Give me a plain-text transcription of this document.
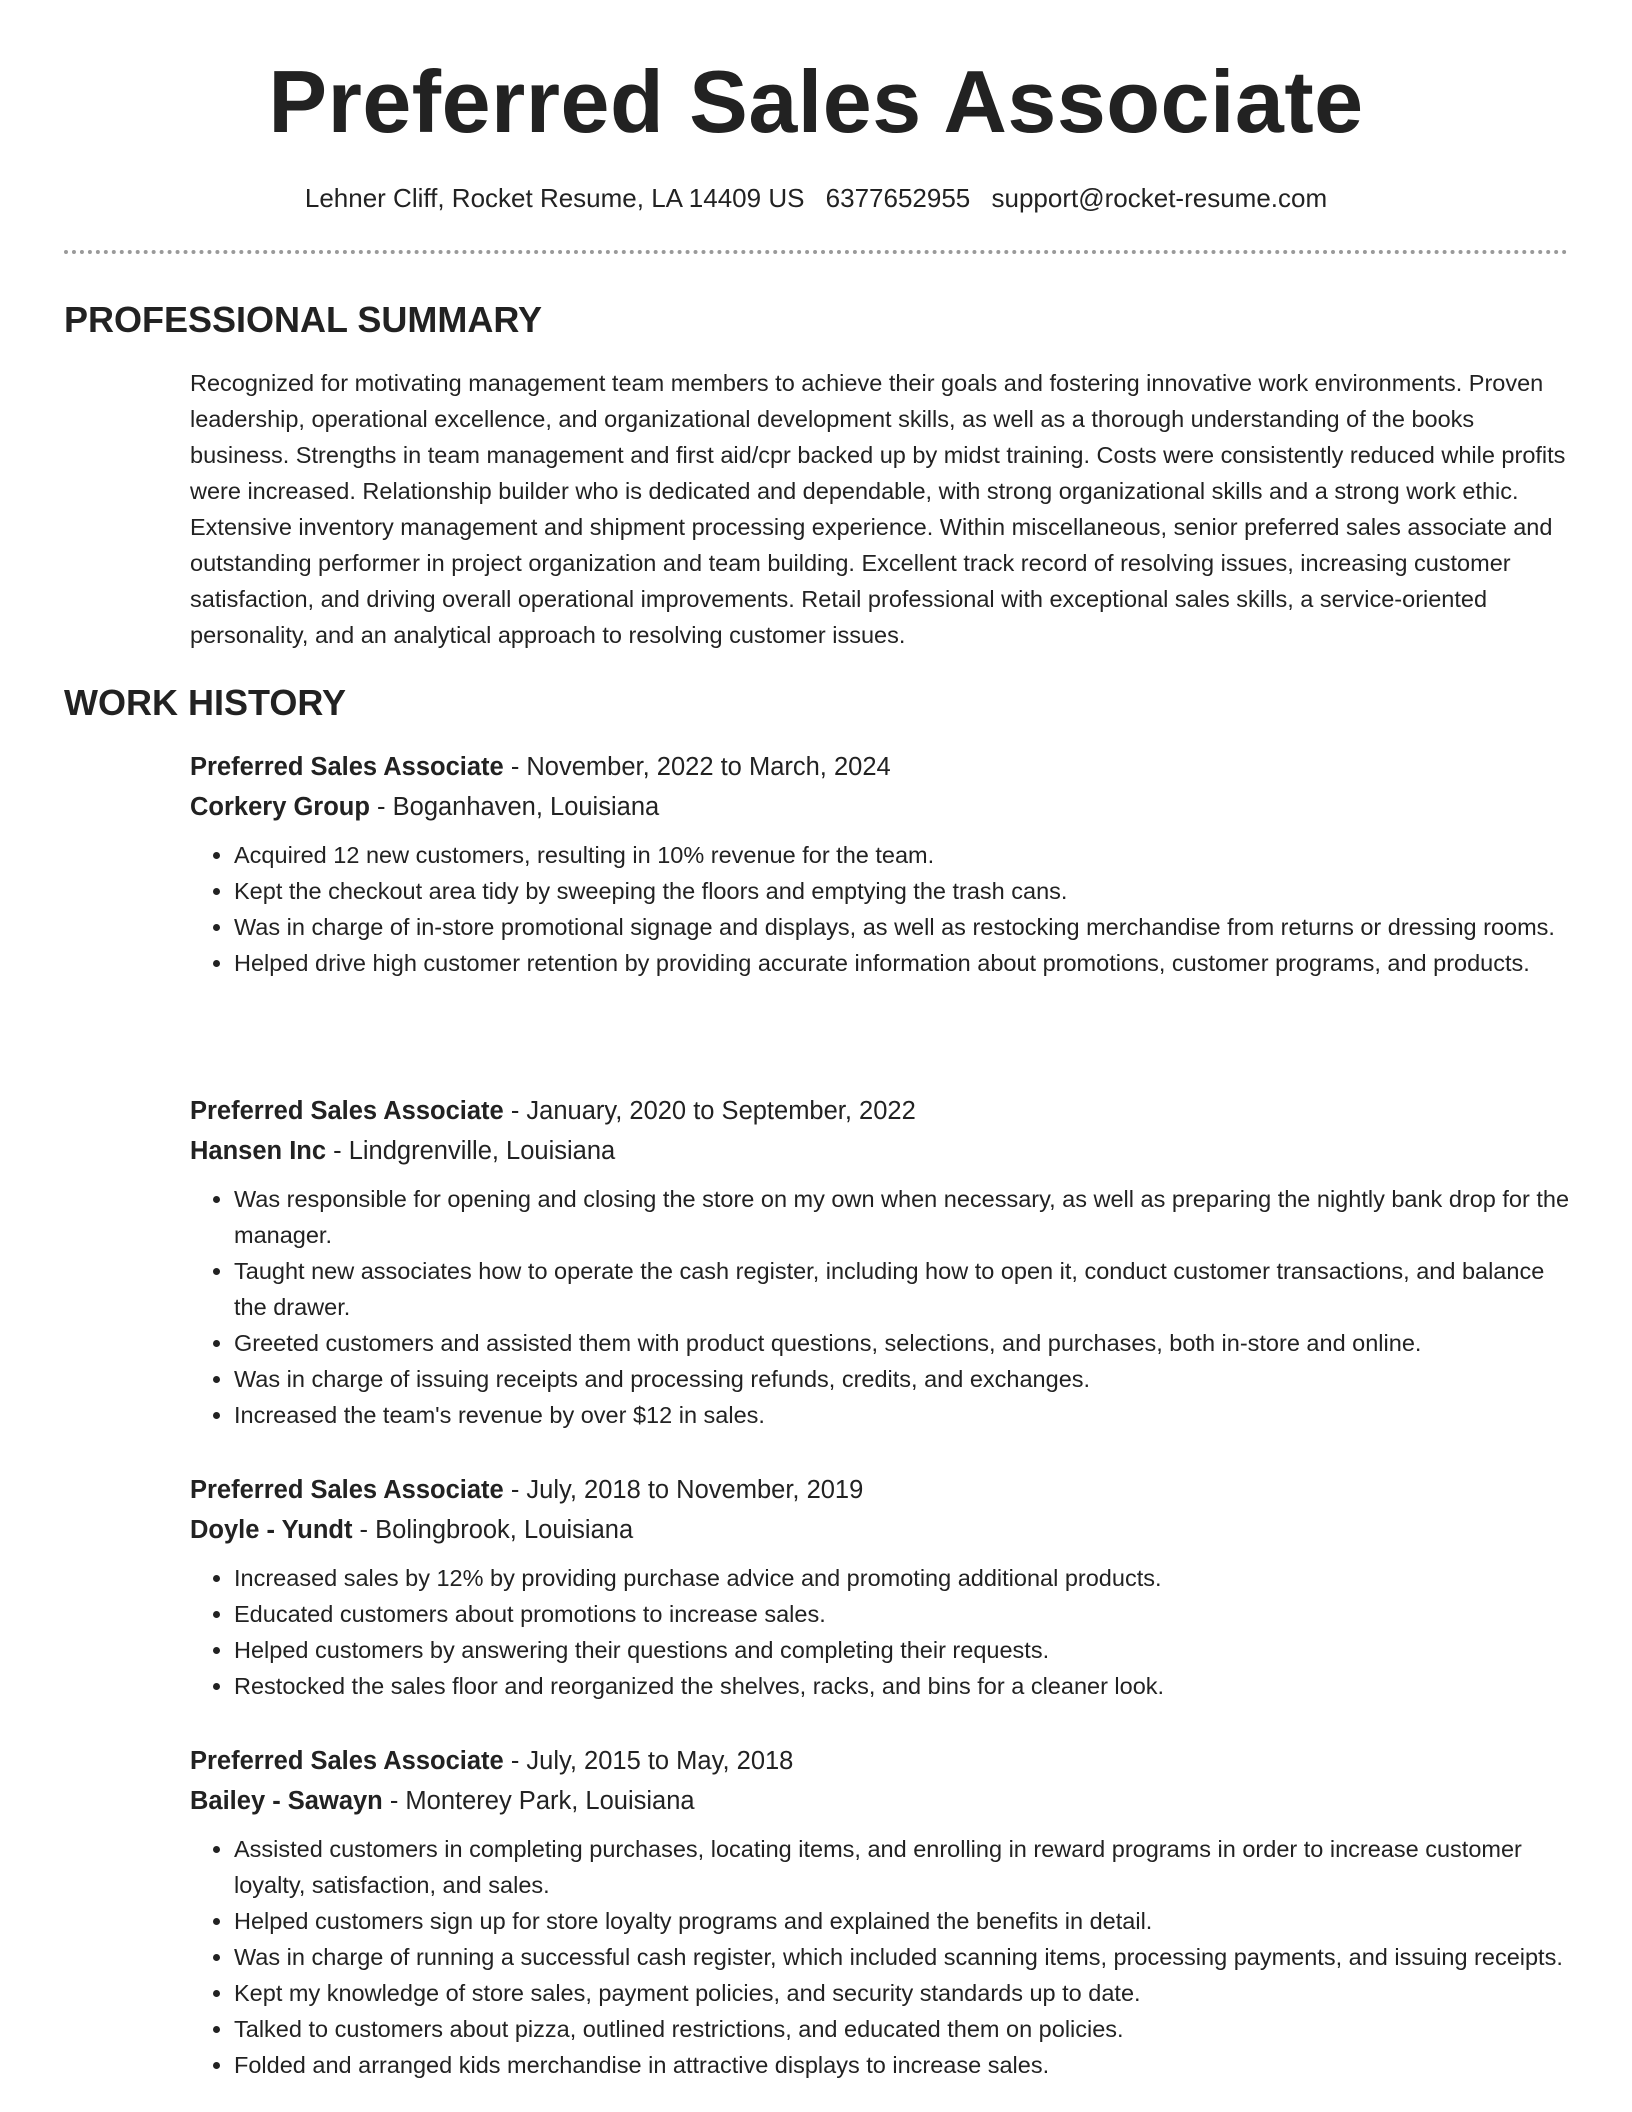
Preferred Sales Associate
Lehner Cliff, Rocket Resume, LA 14409 US 6377652955 support@rocket-resume.com
PROFESSIONAL SUMMARY

Recognized for motivating management team members to achieve their goals and fostering innovative work environments. Proven leadership, operational excellence, and organizational development skills, as well as a thorough understanding of the books business. Strengths in team management and first aid/cpr backed up by midst training. Costs were consistently reduced while profits were increased. Relationship builder who is dedicated and dependable, with strong organizational skills and a strong work ethic. Extensive inventory management and shipment processing experience. Within miscellaneous, senior preferred sales associate and outstanding performer in project organization and team building. Excellent track record of resolving issues, increasing customer satisfaction, and driving overall operational improvements. Retail professional with exceptional sales skills, a service-oriented personality, and an analytical approach to resolving customer issues.

WORK HISTORY
Preferred Sales Associate - November, 2022 to March, 2024
Corkery Group - Boganhaven, Louisiana
• Acquired 12 new customers, resulting in 10% revenue for the team.
• Kept the checkout area tidy by sweeping the floors and emptying the trash cans.
• Was in charge of in-store promotional signage and displays, as well as restocking merchandise from returns or dressing rooms.
• Helped drive high customer retention by providing accurate information about promotions, customer programs, and products.
Preferred Sales Associate - January, 2020 to September, 2022
Hansen Inc - Lindgrenville, Louisiana
• Was responsible for opening and closing the store on my own when necessary, as well as preparing the nightly bank drop for the manager.
• Taught new associates how to operate the cash register, including how to open it, conduct customer transactions, and balance the drawer.
• Greeted customers and assisted them with product questions, selections, and purchases, both in-store and online.
• Was in charge of issuing receipts and processing refunds, credits, and exchanges.
• Increased the team's revenue by over $12 in sales.
Preferred Sales Associate - July, 2018 to November, 2019
Doyle - Yundt - Bolingbrook, Louisiana
• Increased sales by 12% by providing purchase advice and promoting additional products.
• Educated customers about promotions to increase sales.
• Helped customers by answering their questions and completing their requests.
• Restocked the sales floor and reorganized the shelves, racks, and bins for a cleaner look.
Preferred Sales Associate - July, 2015 to May, 2018
Bailey - Sawayn - Monterey Park, Louisiana
• Assisted customers in completing purchases, locating items, and enrolling in reward programs in order to increase customer loyalty, satisfaction, and sales.
• Helped customers sign up for store loyalty programs and explained the benefits in detail.
• Was in charge of running a successful cash register, which included scanning items, processing payments, and issuing receipts.
• Kept my knowledge of store sales, payment policies, and security standards up to date.
• Talked to customers about pizza, outlined restrictions, and educated them on policies.
• Folded and arranged kids merchandise in attractive displays to increase sales.
